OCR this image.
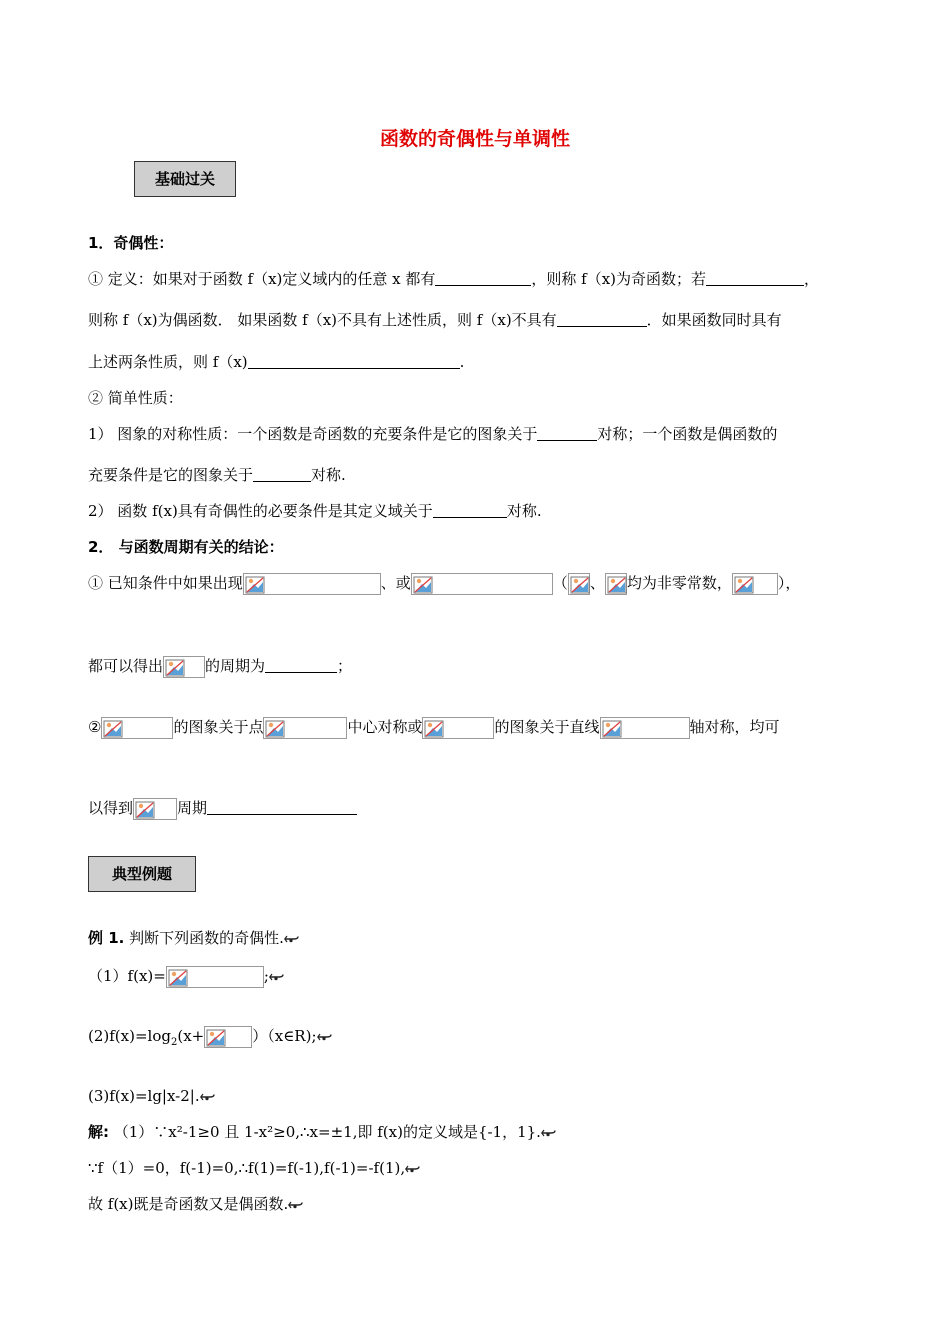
函数的奇偶性与单调性
基础过关
1．奇偶性：
① 定义：如果对于函数 f（x)定义域内的任意 x 都有	，则称 f（x)为奇函数；若	，
则称 f（x)为偶函数． 如果函数 f（x)不具有上述性质，则 f（x)不具有	．如果函数同时具有
上述两条性质，则 f（x)	.
② 简单性质：
1） 图象的对称性质：一个函数是奇函数的充要条件是它的图象关于	对称；一个函数是偶函数的
充要条件是它的图象关于	对称.
2） 函数 f(x)具有奇偶性的必要条件是其定义域关于	对称.
2． 与函数周期有关的结论：
① 已知条件中如果出现	、或	（ 、 均为非零常数，	），
都可以得出	的周期为	；
②	的图象关于点	中心对称或	的图象关于直线	轴对称，均可
以得到	周期
典型例题
例 1. 判断下列函数的奇偶性.
（1）f(x)=	;
$(2)f(x)=\log_2(x+$	）（x∈R);
(3)f(x)=lg|x-2|.
解: （1）∵x²-1≥0 且 1-x²≥0,∴x=±1,即 f(x)的定义域是{-1，1}.
∵f（1）=0，f(-1)=0,∴f(1)=f(-1),f(-1)=-f(1),
故 f(x)既是奇函数又是偶函数.
